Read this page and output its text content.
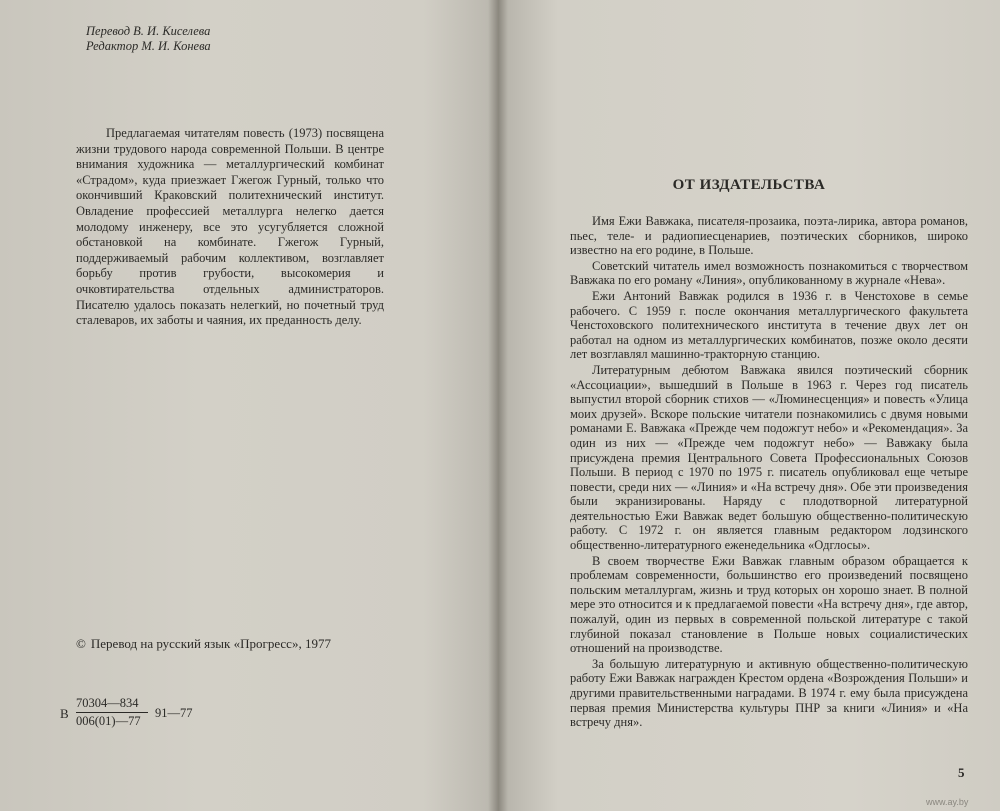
Перевод В. И. Киселева
Редактор М. И. Конева

Предлагаемая читателям повесть (1973) посвящена жизни трудового народа современной Польши. В центре внимания художника — металлургический комбинат «Страдом», куда приезжает Гжегож Гурный, только что окончивший Краковский политехнический институт. Овладение профессией металлурга нелегко дается молодому инженеру, все это усугубляется сложной обстановкой на комбинате. Гжегож Гурный, поддерживаемый рабочим коллективом, возглавляет борьбу против грубости, высокомерия и очковтирательства отдельных администраторов. Писателю удалось показать нелегкий, но почетный труд сталеваров, их заботы и чаяния, их преданность делу.

© Перевод на русский язык «Прогресс», 1977
В
70304—834
006(01)—77
91—77
ОТ ИЗДАТЕЛЬСТВА

Имя Ежи Вавжака, писателя-прозаика, поэта-лирика, автора романов, пьес, теле- и радиопиесценариев, поэтических сборников, широко известно на его родине, в Польше.

Советский читатель имел возможность познакомиться с творчеством Вавжака по его роману «Линия», опубликованному в журнале «Нева».

Ежи Антоний Вавжак родился в 1936 г. в Ченстохове в семье рабочего. С 1959 г. после окончания металлургического факультета Ченстоховского политехнического института в течение двух лет он работал на одном из металлургических комбинатов, позже около десяти лет возглавлял машинно-тракторную станцию.

Литературным дебютом Вавжака явился поэтический сборник «Ассоциации», вышедший в Польше в 1963 г. Через год писатель выпустил второй сборник стихов — «Люминесценция» и повесть «Улица моих друзей». Вскоре польские читатели познакомились с двумя новыми романами Е. Вавжака «Прежде чем подожгут небо» и «Рекомендация». За один из них — «Прежде чем подожгут небо» — Вавжаку была присуждена премия Центрального Совета Профессиональных Союзов Польши. В период с 1970 по 1975 г. писатель опубликовал еще четыре повести, среди них — «Линия» и «На встречу дня». Обе эти произведения были экранизированы. Наряду с плодотворной литературной деятельностью Ежи Вавжак ведет большую общественно-политическую работу. С 1972 г. он является главным редактором лодзинского общественно-литературного еженедельника «Одглосы».

В своем творчестве Ежи Вавжак главным образом обращается к проблемам современности, большинство его произведений посвящено польским металлургам, жизнь и труд которых он хорошо знает. В полной мере это относится и к предлагаемой повести «На встречу дня», где автор, пожалуй, один из первых в современной польской литературе с такой глубиной показал становление в Польше новых социалистических отношений на производстве.

За большую литературную и активную общественно-политическую работу Ежи Вавжак награжден Крестом ордена «Возрождения Польши» и другими правительственными наградами. В 1974 г. ему была присуждена первая премия Министерства культуры ПНР за книги «Линия» и «На встречу дня».

5
www.ay.by
